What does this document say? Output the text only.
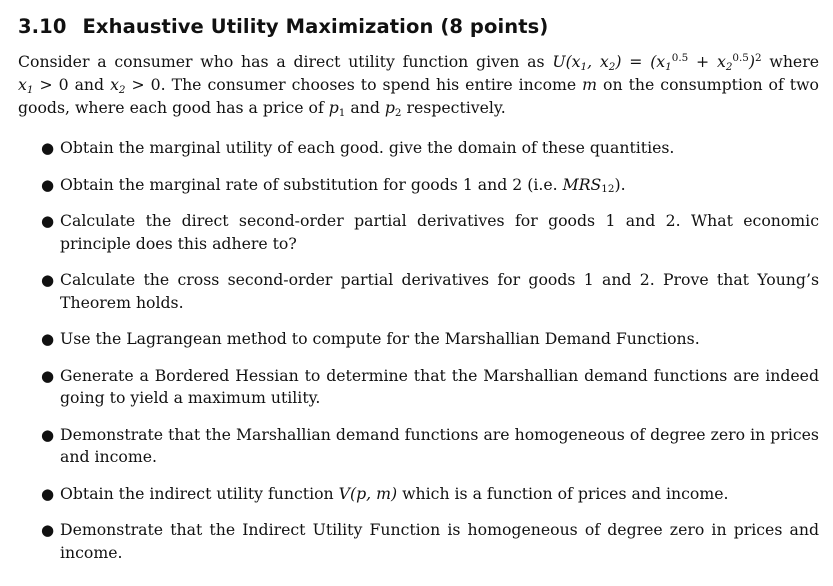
3.10 Exhaustive Utility Maximization (8 points)

Consider a consumer who has a direct utility function given as $U(x_1$, $x_2) = (x_1^{0.5} + x_2^{0.5})^2$ where $x_1 > 0$ and $x_2 > 0$. The consumer chooses to spend his entire income m on the consumption of two goods, where each good has a price of $p_1$ and $p_2$ respectively.

● Obtain the marginal utility of each good. give the domain of these quantities.
● Obtain the marginal rate of substitution for goods 1 and 2 (i.e. $MRS_{12}$).
● Calculate the direct second-order partial derivatives for goods 1 and 2. What economic principle does this adhere to?
● Calculate the cross second-order partial derivatives for goods 1 and 2. Prove that Young’s Theorem holds.
● Use the Lagrangean method to compute for the Marshallian Demand Functions.
● Generate a Bordered Hessian to determine that the Marshallian demand functions are indeed going to yield a maximum utility.
● Demonstrate that the Marshallian demand functions are homogeneous of degree zero in prices and income.
● Obtain the indirect utility function V(p, m) which is a function of prices and income.
● Demonstrate that the Indirect Utility Function is homogeneous of degree zero in prices and income.
